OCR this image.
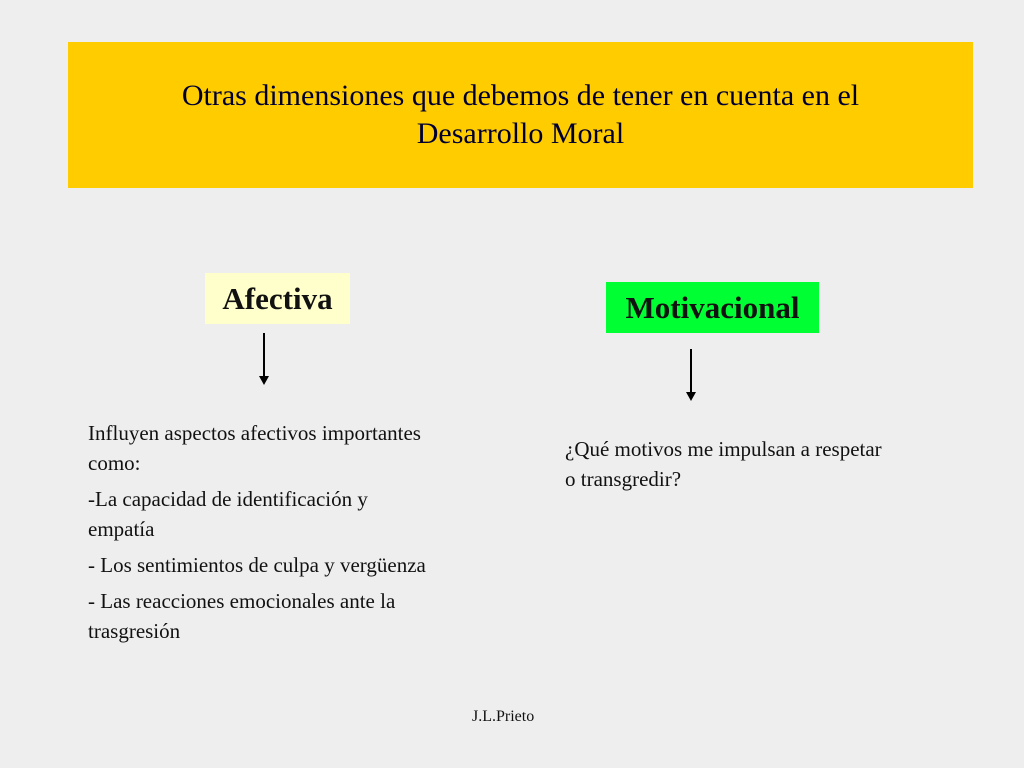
Otras dimensiones que debemos de tener en cuenta en el
Desarrollo Moral
Afectiva	Motivacional

Influyen aspectos afectivos importantes como:

-La capacidad de identificación y empatía

- Los sentimientos de culpa y vergüenza

- Las reacciones emocionales ante la trasgresión

¿Qué motivos me impulsan a respetar o transgredir?

J.L.Prieto
